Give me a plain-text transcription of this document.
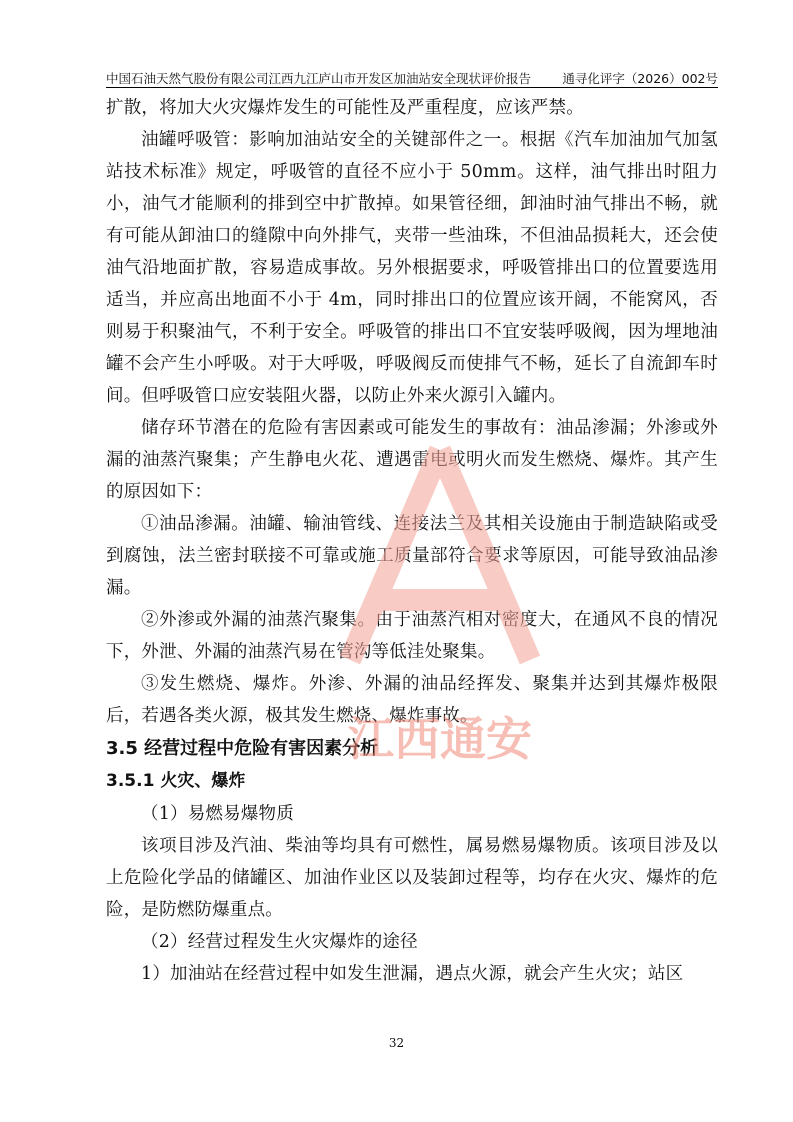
中国石油天然气股份有限公司江西九江庐山市开发区加油站安全现状评价报告	通寻化评字（2026）002号

扩散，将加大火灾爆炸发生的可能性及严重程度，应该严禁。

油罐呼吸管：影响加油站安全的关键部件之一。根据《汽车加油加气加氢站技术标准》规定，呼吸管的直径不应小于 50mm。这样，油气排出时阻力小，油气才能顺利的排到空中扩散掉。如果管径细，卸油时油气排出不畅，就有可能从卸油口的缝隙中向外排气，夹带一些油珠，不但油品损耗大，还会使油气沿地面扩散，容易造成事故。另外根据要求，呼吸管排出口的位置要选用适当，并应高出地面不小于 4m，同时排出口的位置应该开阔，不能窝风，否则易于积聚油气，不利于安全。呼吸管的排出口不宜安装呼吸阀，因为埋地油罐不会产生小呼吸。对于大呼吸，呼吸阀反而使排气不畅，延长了自流卸车时间。但呼吸管口应安装阻火器，以防止外来火源引入罐内。

储存环节潜在的危险有害因素或可能发生的事故有：油品渗漏；外渗或外漏的油蒸汽聚集；产生静电火花、遭遇雷电或明火而发生燃烧、爆炸。其产生的原因如下：

①油品渗漏。油罐、输油管线、连接法兰及其相关设施由于制造缺陷或受到腐蚀，法兰密封联接不可靠或施工质量部符合要求等原因，可能导致油品渗漏。

②外渗或外漏的油蒸汽聚集。由于油蒸汽相对密度大，在通风不良的情况下，外泄、外漏的油蒸汽易在管沟等低洼处聚集。

③发生燃烧、爆炸。外渗、外漏的油品经挥发、聚集并达到其爆炸极限后，若遇各类火源，极其发生燃烧、爆炸事故。

3.5 经营过程中危险有害因素分析

3.5.1 火灾、爆炸

（1）易燃易爆物质

该项目涉及汽油、柴油等均具有可燃性，属易燃易爆物质。该项目涉及以上危险化学品的储罐区、加油作业区以及装卸过程等，均存在火灾、爆炸的危险，是防燃防爆重点。

（2）经营过程发生火灾爆炸的途径

1）加油站在经营过程中如发生泄漏，遇点火源，就会产生火灾；站区

江西通安
32
